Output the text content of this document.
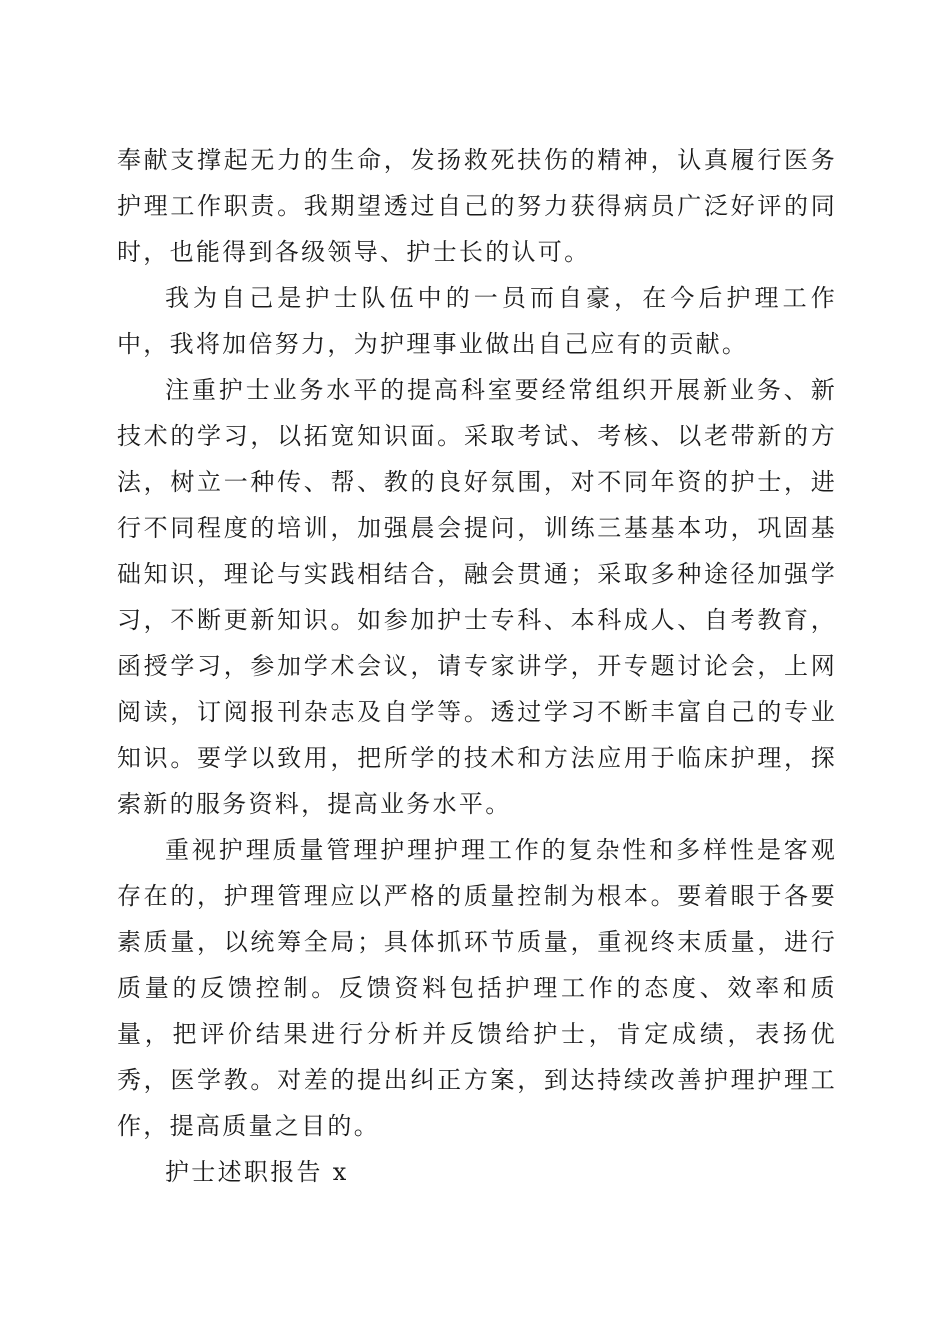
奉献支撑起无力的生命，发扬救死扶伤的精神，认真履行医务护理工作职责。我期望透过自己的努力获得病员广泛好评的同时，也能得到各级领导、护士长的认可。

我为自己是护士队伍中的一员而自豪，在今后护理工作中，我将加倍努力，为护理事业做出自己应有的贡献。

注重护士业务水平的提高科室要经常组织开展新业务、新技术的学习，以拓宽知识面。采取考试、考核、以老带新的方法，树立一种传、帮、教的良好氛围，对不同年资的护士，进行不同程度的培训，加强晨会提问，训练三基基本功，巩固基础知识，理论与实践相结合，融会贯通；采取多种途径加强学习，不断更新知识。如参加护士专科、本科成人、自考教育，函授学习，参加学术会议，请专家讲学，开专题讨论会，上网阅读，订阅报刊杂志及自学等。透过学习不断丰富自己的专业知识。要学以致用，把所学的技术和方法应用于临床护理，探索新的服务资料，提高业务水平。

重视护理质量管理护理护理工作的复杂性和多样性是客观存在的，护理管理应以严格的质量控制为根本。要着眼于各要素质量，以统筹全局；具体抓环节质量，重视终末质量，进行质量的反馈控制。反馈资料包括护理工作的态度、效率和质量，把评价结果进行分析并反馈给护士，肯定成绩，表扬优秀，医学教。对差的提出纠正方案，到达持续改善护理护理工作，提高质量之目的。

护士述职报告 x
